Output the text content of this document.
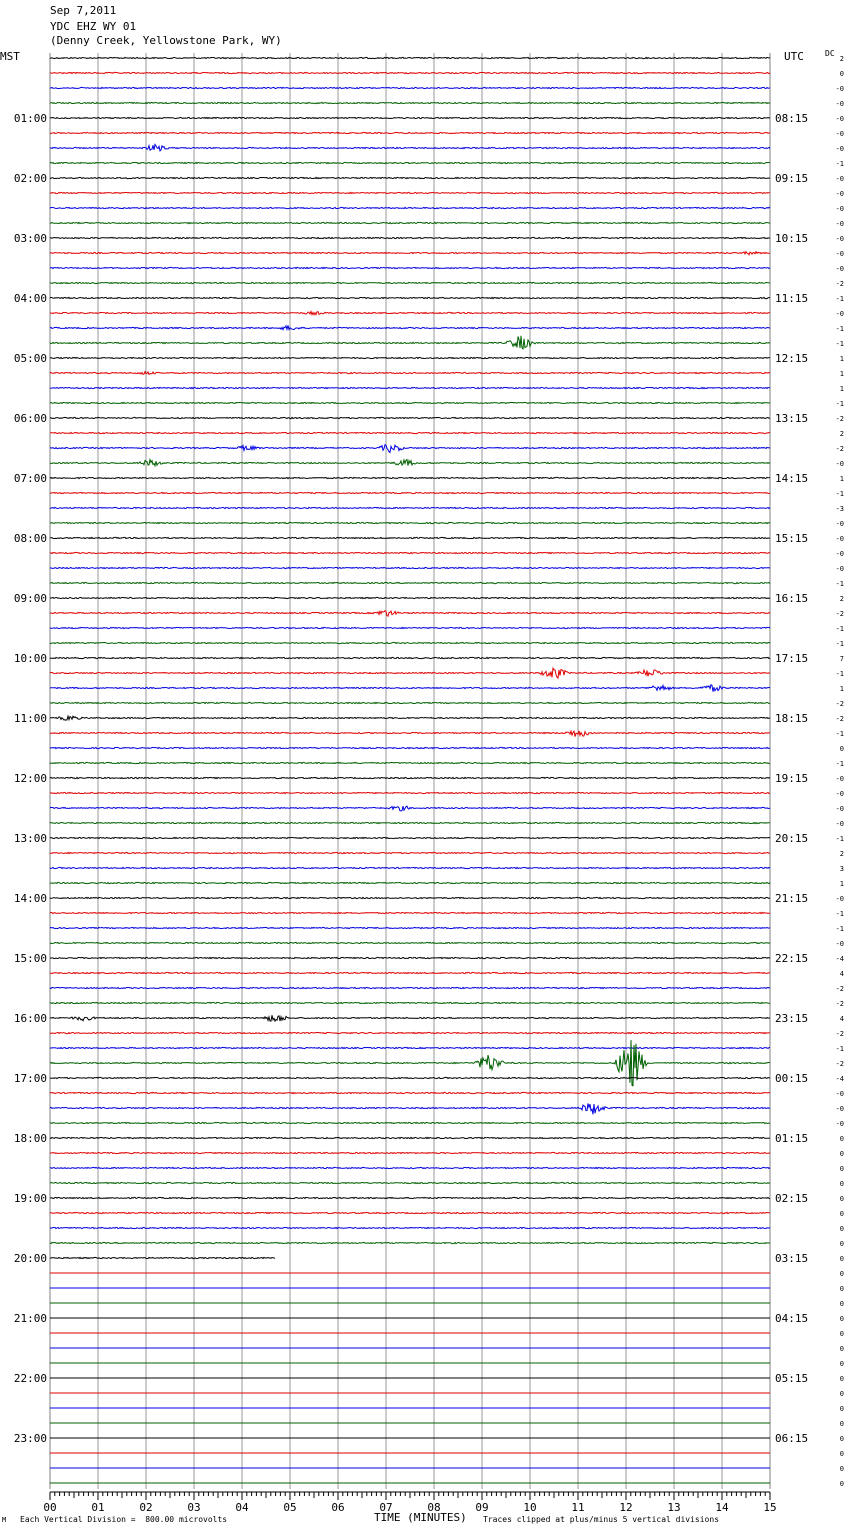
Sep 7,2011
YDC EHZ WY 01
(Denny Creek, Yellowstone Park, WY)
MST	UTC	DC
01:00
02:00
03:00
04:00
05:00
06:00
07:00
08:00
09:00
10:00
11:00
12:00
13:00
14:00
15:00
16:00
17:00
18:00
19:00
20:00
21:00
22:00
23:00
08:15
09:15
10:15
11:15
12:15
13:15
14:15
15:15
16:15
17:15
18:15
19:15
20:15
21:15
22:15
23:15
00:15
01:15
02:15
03:15
04:15
05:15
06:15
2
0
-0
-0
-0
-0
-0
-1
-0
-0
-0
-0
-0
-0
-0
-2
-1
-0
-1
-1
1
1
1
-1
-2
2
-2
-0
1
-1
-3
-0
-0
-0
-0
-1
2
-2
-1
-1
7
-1
1
-2
-2
-1
0
-1
-0
-0
-0
-0
-1
2
3
1
-0
-1
-1
-0
-4
4
-2
-2
4
-2
-1
-2
-4
-0
-0
-0
0
0
0
0
0
0
0
0
0
0
0
0
0
0
0
0
0
0
0
0
0
0
0
0
00	01	02	03	04	05	06	07	08	09	10	11	12	13	14	15
M Each Vertical Division =  800.00 microvolts	TIME (MINUTES) Traces clipped at plus/minus 5 vertical divisions
